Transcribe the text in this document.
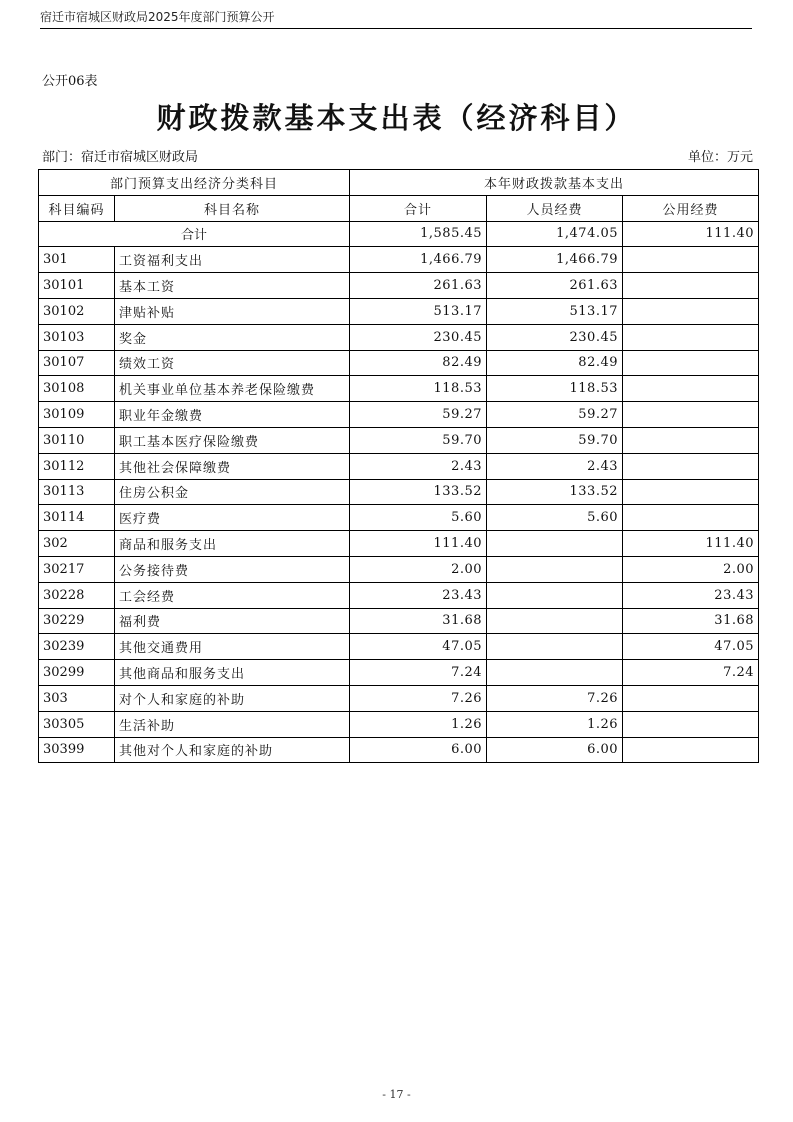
宿迁市宿城区财政局2025年度部门预算公开
公开06表
财政拨款基本支出表（经济科目）
部门：宿迁市宿城区财政局	单位：万元
部门预算支出经济分类科目		本年财政拨款基本支出		
科目编码	科目名称	合计	人员经费	公用经费
合计		1,585.45	1,474.05	111.40
301	工资福利支出	1,466.79	1,466.79	
30101	基本工资	261.63	261.63	
30102	津贴补贴	513.17	513.17	
30103	奖金	230.45	230.45	
30107	绩效工资	82.49	82.49	
30108	机关事业单位基本养老保险缴费	118.53	118.53	
30109	职业年金缴费	59.27	59.27	
30110	职工基本医疗保险缴费	59.70	59.70	
30112	其他社会保障缴费	2.43	2.43	
30113	住房公积金	133.52	133.52	
30114	医疗费	5.60	5.60	
302	商品和服务支出	111.40		111.40
30217	公务接待费	2.00		2.00
30228	工会经费	23.43		23.43
30229	福利费	31.68		31.68
30239	其他交通费用	47.05		47.05
30299	其他商品和服务支出	7.24		7.24
303	对个人和家庭的补助	7.26	7.26	
30305	生活补助	1.26	1.26	
30399	其他对个人和家庭的补助	6.00	6.00	
- 17 -
